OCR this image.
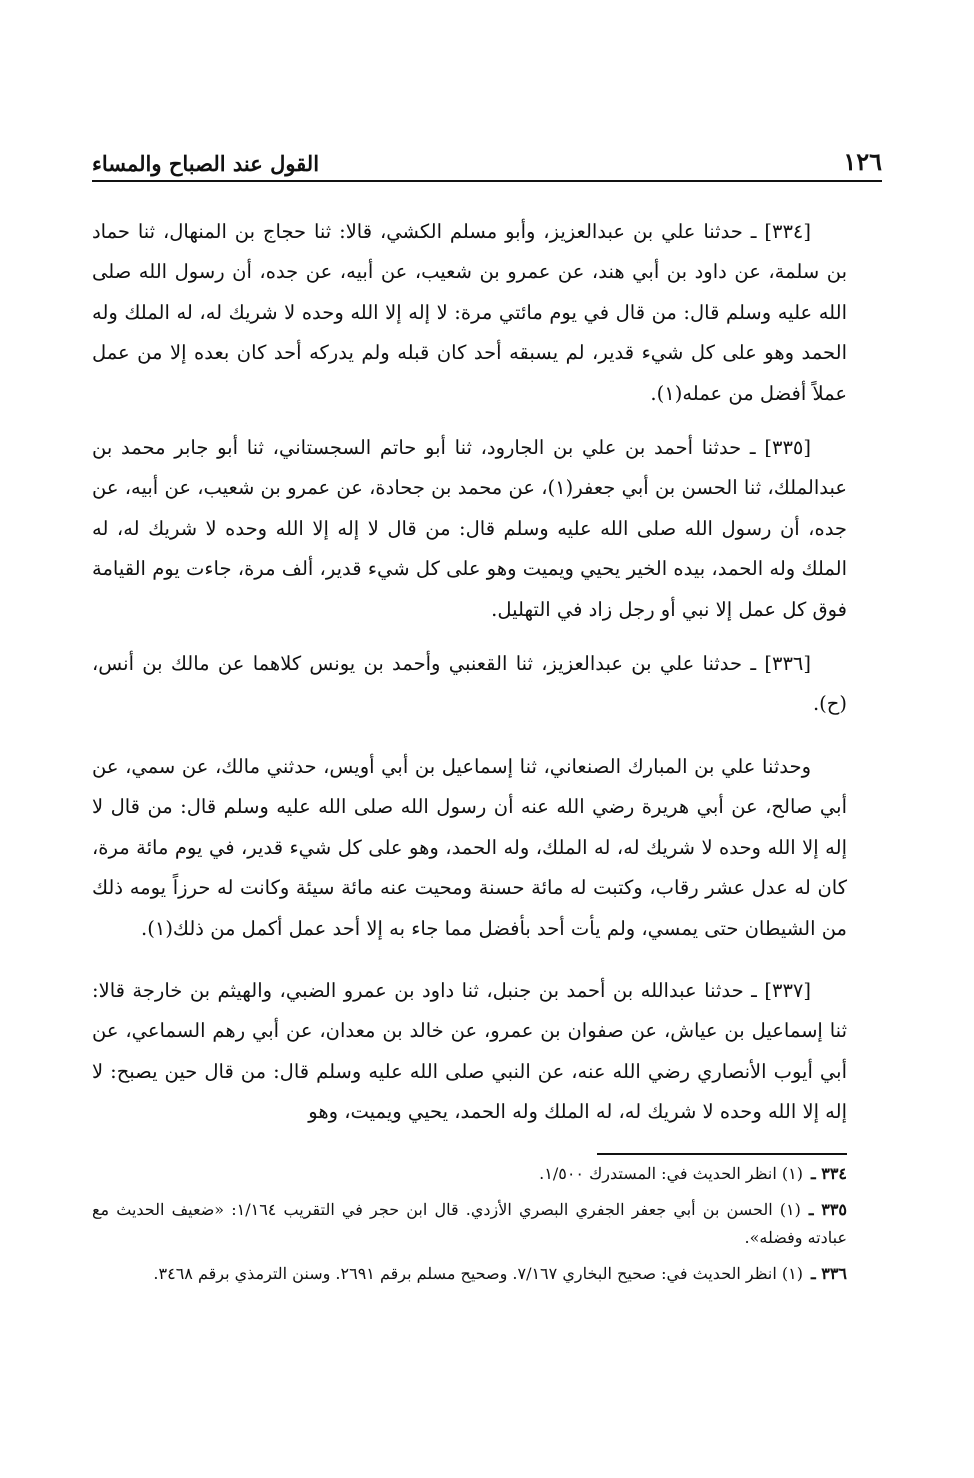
١٢٦
القول عند الصباح والمساء

[٣٣٤] ـ حدثنا علي بن عبدالعزيز، وأبو مسلم الكشي، قالا: ثنا حجاج بن المنهال، ثنا حماد بن سلمة، عن داود بن أبي هند، عن عمرو بن شعيب، عن أبيه، عن جده، أن رسول الله صلى الله عليه وسلم قال: من قال في يوم مائتي مرة: لا إله إلا الله وحده لا شريك له، له الملك وله الحمد وهو على كل شيء قدير، لم يسبقه أحد كان قبله ولم يدركه أحد كان بعده إلا من عمل عملاً أفضل من عمله(١).

[٣٣٥] ـ حدثنا أحمد بن علي بن الجارود، ثنا أبو حاتم السجستاني، ثنا أبو جابر محمد بن عبدالملك، ثنا الحسن بن أبي جعفر(١)، عن محمد بن جحادة، عن عمرو بن شعيب، عن أبيه، عن جده، أن رسول الله صلى الله عليه وسلم قال: من قال لا إله إلا الله وحده لا شريك له، له الملك وله الحمد، بيده الخير يحيي ويميت وهو على كل شيء قدير، ألف مرة، جاءت يوم القيامة فوق كل عمل إلا نبي أو رجل زاد في التهليل.

[٣٣٦] ـ حدثنا علي بن عبدالعزيز، ثنا القعنبي وأحمد بن يونس كلاهما عن مالك بن أنس، (ح).

وحدثنا علي بن المبارك الصنعاني، ثنا إسماعيل بن أبي أويس، حدثني مالك، عن سمي، عن أبي صالح، عن أبي هريرة رضي الله عنه أن رسول الله صلى الله عليه وسلم قال: من قال لا إله إلا الله وحده لا شريك له، له الملك، وله الحمد، وهو على كل شيء قدير، في يوم مائة مرة، كان له عدل عشر رقاب، وكتبت له مائة حسنة ومحيت عنه مائة سيئة وكانت له حرزاً يومه ذلك من الشيطان حتى يمسي، ولم يأت أحد بأفضل مما جاء به إلا أحد عمل أكمل من ذلك(١).

[٣٣٧] ـ حدثنا عبدالله بن أحمد بن جنبل، ثنا داود بن عمرو الضبي، والهيثم بن خارجة قالا: ثنا إسماعيل بن عياش، عن صفوان بن عمرو، عن خالد بن معدان، عن أبي رهم السماعي، عن أبي أيوب الأنصاري رضي الله عنه، عن النبي صلى الله عليه وسلم قال: من قال حين يصبح: لا إله إلا الله وحده لا شريك له، له الملك وله الحمد، يحيي ويميت، وهو

٣٣٤ ـ(١) انظر الحديث في: المستدرك ١/٥٠٠.

٣٣٥ ـ(١) الحسن بن أبي جعفر الجفري البصري الأزدي. قال ابن حجر في التقريب ١/١٦٤: «ضعيف الحديث مع عبادته وفضله».

٣٣٦ ـ(١) انظر الحديث في: صحيح البخاري ٧/١٦٧. وصحيح مسلم برقم ٢٦٩١. وسنن الترمذي برقم ٣٤٦٨.
